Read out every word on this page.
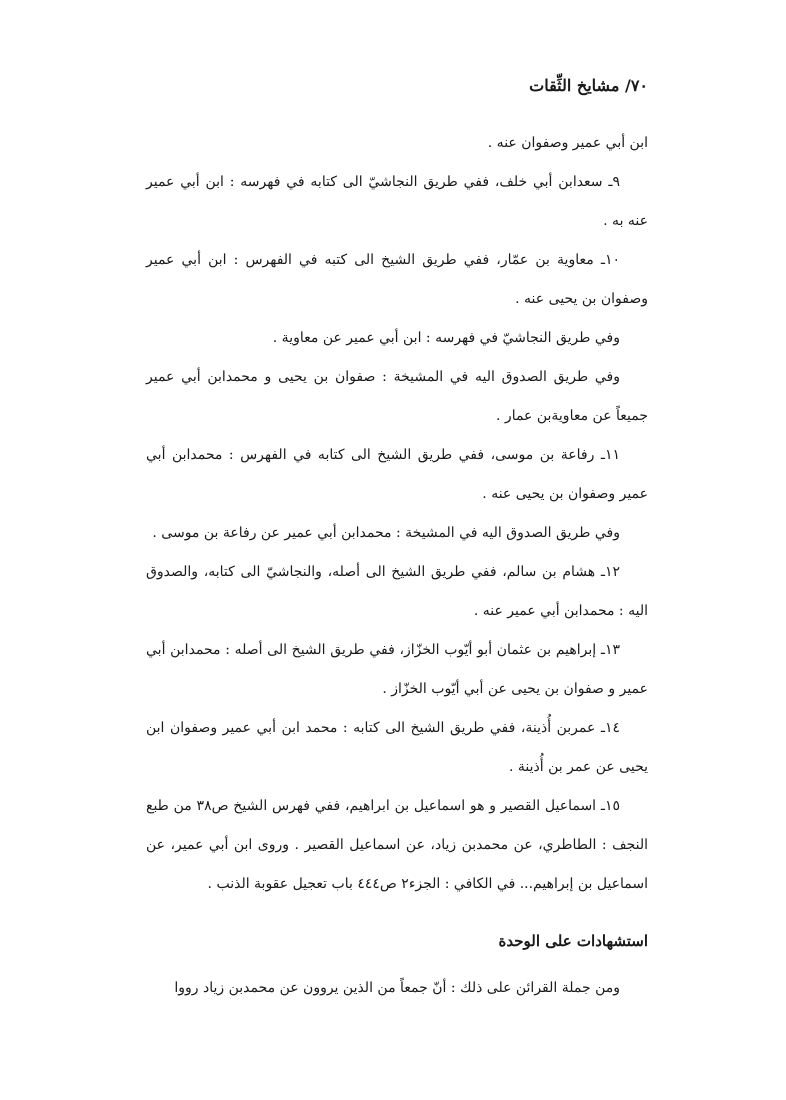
٧٠/ مشايخ الثِّقات

ابن أبي عمير وصفوان عنه .

٩ـ سعدابن أبي خلف، ففي طريق النجاشيّ الى كتابه في فهرسه : ابن أبي عمير عنه به .

١٠ـ معاوية بن عمّار، ففي طريق الشيخ الى كتبه في الفهرس : ابن أبي عمير وصفوان بن يحيى عنه .

وفي طريق النجاشيّ في فهرسه : ابن أبي عمير عن معاوية .

وفي طريق الصدوق اليه في المشيخة : صفوان بن يحيى و محمدابن أبي عمير جميعاً عن معاويةبن عمار .

١١ـ رفاعة بن موسى، ففي طريق الشيخ الى كتابه في الفهرس : محمدابن أبي عمير وصفوان بن يحيى عنه .

وفي طريق الصدوق اليه في المشيخة : محمدابن أبي عمير عن رفاعة بن موسى .

١٢ـ هشام بن سالم، ففي طريق الشيخ الى أصله، والنجاشيّ الى كتابه، والصدوق اليه : محمدابن أبي عمير عنه .

١٣ـ إبراهيم بن عثمان أبو أيّوب الخزّاز، ففي طريق الشيخ الى أصله : محمدابن أبي عمير و صفوان بن يحيى عن أبي أيّوب الخزّاز .

١٤ـ عمربن أُذينة، ففي طريق الشيخ الى كتابه : محمد ابن أبي عمير وصفوان ابن يحيى عن عمر بن أُذينة .

١٥ـ اسماعيل القصير و هو اسماعيل بن ابراهيم، ففي فهرس الشيخ ص٣٨ من طبع النجف : الطاطري، عن محمدبن زياد، عن اسماعيل القصير . وروى ابن أبي عمير، عن اسماعيل بن إبراهيم... في الكافي : الجزء٢ ص٤٤٤ باب تعجيل عقوبة الذنب .

استشهادات على الوحدة

ومن جملة القرائن على ذلك : أنّ جمعاً من الذين يروون عن محمدبن زياد رووا
